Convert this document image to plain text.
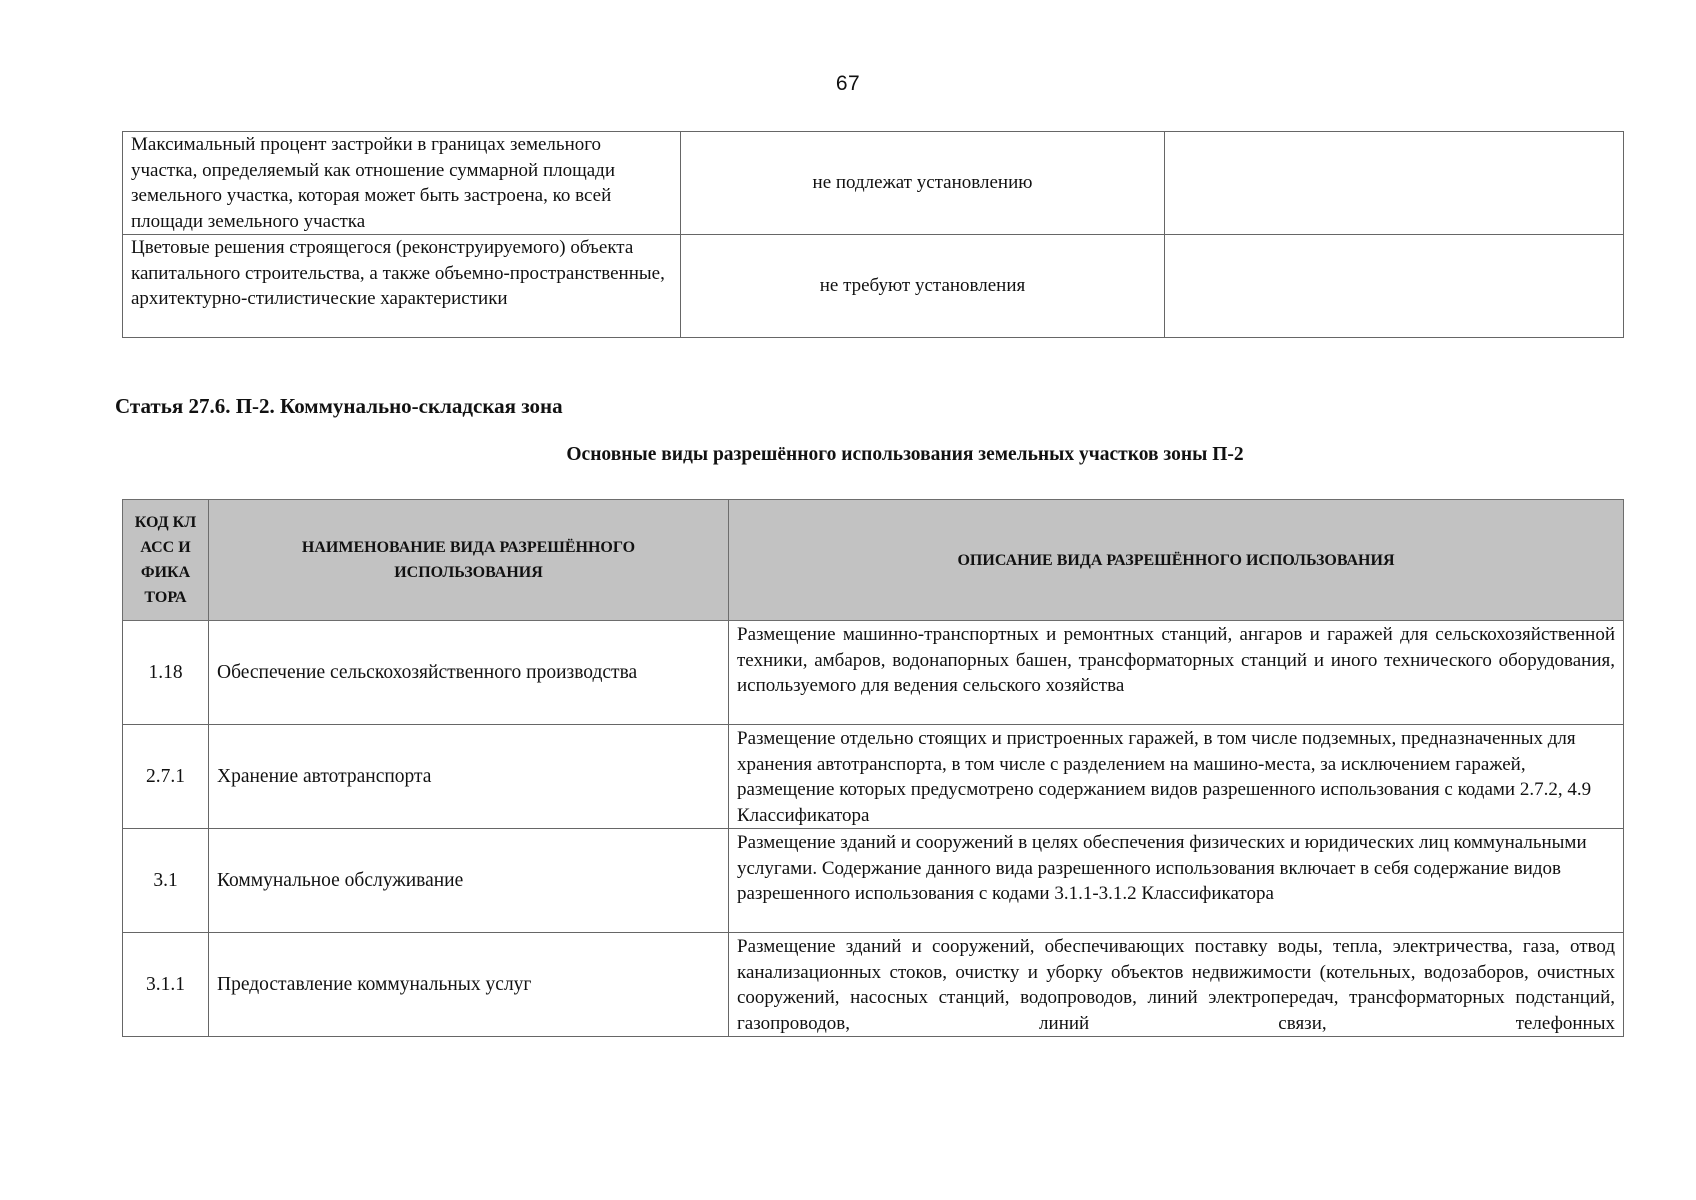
67
Максимальный процент застройки в границах земельного участка, определяемый как отношение суммарной площади земельного участка, которая может быть застроена, ко всей площади земельного участка	не подлежат установлению	
Цветовые решения строящегося (реконструируемого) объекта капитального строительства, а также объемно-пространственные, архитектурно-стилистические характеристики	не требуют установления	
Статья 27.6. П-2. Коммунально-складская зона
Основные виды разрешённого использования земельных участков зоны П-2
КОД КЛАСС ИФИКА ТОРА	НАИМЕНОВАНИЕ ВИДА РАЗРЕШЁННОГО ИСПОЛЬЗОВАНИЯ	ОПИСАНИЕ ВИДА РАЗРЕШЁННОГО ИСПОЛЬЗОВАНИЯ
1.18	Обеспечение сельскохозяйственного производства	Размещение машинно-транспортных и ремонтных станций, ангаров и гаражей для сельскохозяйственной техники, амбаров, водонапорных башен, трансформаторных станций и иного технического оборудования, используемого для ведения сельского хозяйства

2.7.1	Хранение автотранспорта	Размещение отдельно стоящих и пристроенных гаражей, в том числе подземных, предназначенных для хранения автотранспорта, в том числе с разделением на машино-места, за исключением гаражей, размещение которых предусмотрено содержанием видов разрешенного использования с кодами 2.7.2, 4.9 Классификатора

3.1	Коммунальное обслуживание	Размещение зданий и сооружений в целях обеспечения физических и юридических лиц коммунальными услугами. Содержание данного вида разрешенного использования включает в себя содержание видов разрешенного использования с кодами 3.1.1-3.1.2 Классификатора

3.1.1	Предоставление коммунальных услуг	Размещение зданий и сооружений, обеспечивающих поставку воды, тепла, электричества, газа, отвод канализационных стоков, очистку и уборку объектов недвижимости (котельных, водозаборов, очистных сооружений, насосных станций, водопроводов, линий электропередач, трансформаторных подстанций, газопроводов, линий связи, телефонных
